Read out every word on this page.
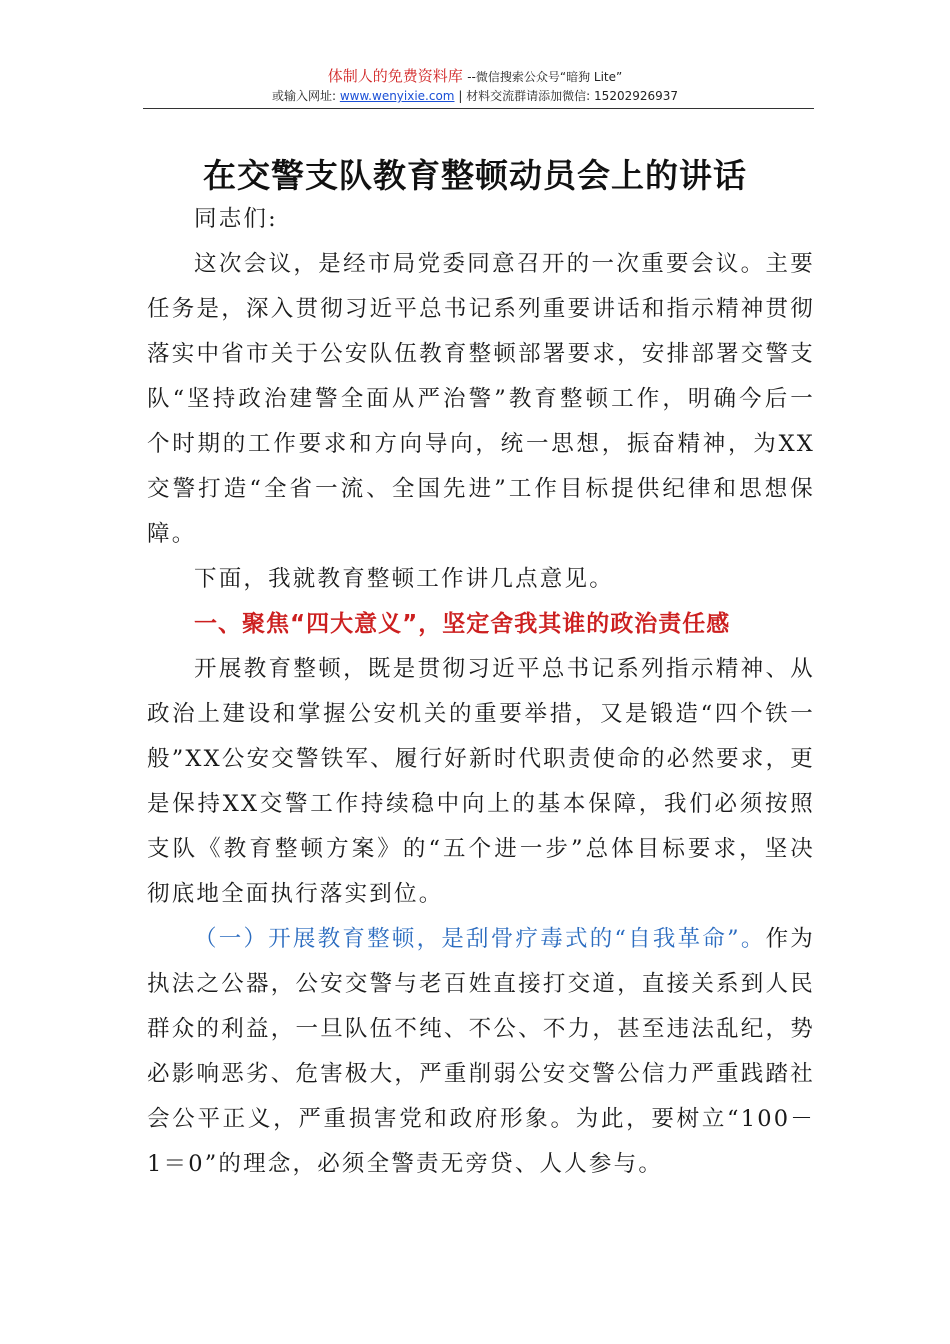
体制人的免费资料库 --微信搜索公众号“暗狗 Lite”
或输入网址: www.wenyixie.com | 材料交流群请添加微信: 15202926937
在交警支队教育整顿动员会上的讲话

同志们:

这次会议，是经市局党委同意召开的一次重要会议。主要任务是，深入贯彻习近平总书记系列重要讲话和指示精神贯彻落实中省市关于公安队伍教育整顿部署要求，安排部署交警支队“坚持政治建警全面从严治警”教育整顿工作，明确今后一个时期的工作要求和方向导向，统一思想，振奋精神，为XX交警打造“全省一流、全国先进”工作目标提供纪律和思想保障。

下面，我就教育整顿工作讲几点意见。

一、聚焦“四大意义”，坚定舍我其谁的政治责任感

开展教育整顿，既是贯彻习近平总书记系列指示精神、从政治上建设和掌握公安机关的重要举措，又是锻造“四个铁一般”XX公安交警铁军、履行好新时代职责使命的必然要求，更是保持XX交警工作持续稳中向上的基本保障，我们必须按照支队《教育整顿方案》的“五个进一步”总体目标要求，坚决彻底地全面执行落实到位。

（一）开展教育整顿，是刮骨疗毒式的“自我革命”。作为执法之公器，公安交警与老百姓直接打交道，直接关系到人民群众的利益，一旦队伍不纯、不公、不力，甚至违法乱纪，势必影响恶劣、危害极大，严重削弱公安交警公信力严重践踏社会公平正义，严重损害党和政府形象。为此，要树立“100－1＝0”的理念，必须全警责无旁贷、人人参与。
